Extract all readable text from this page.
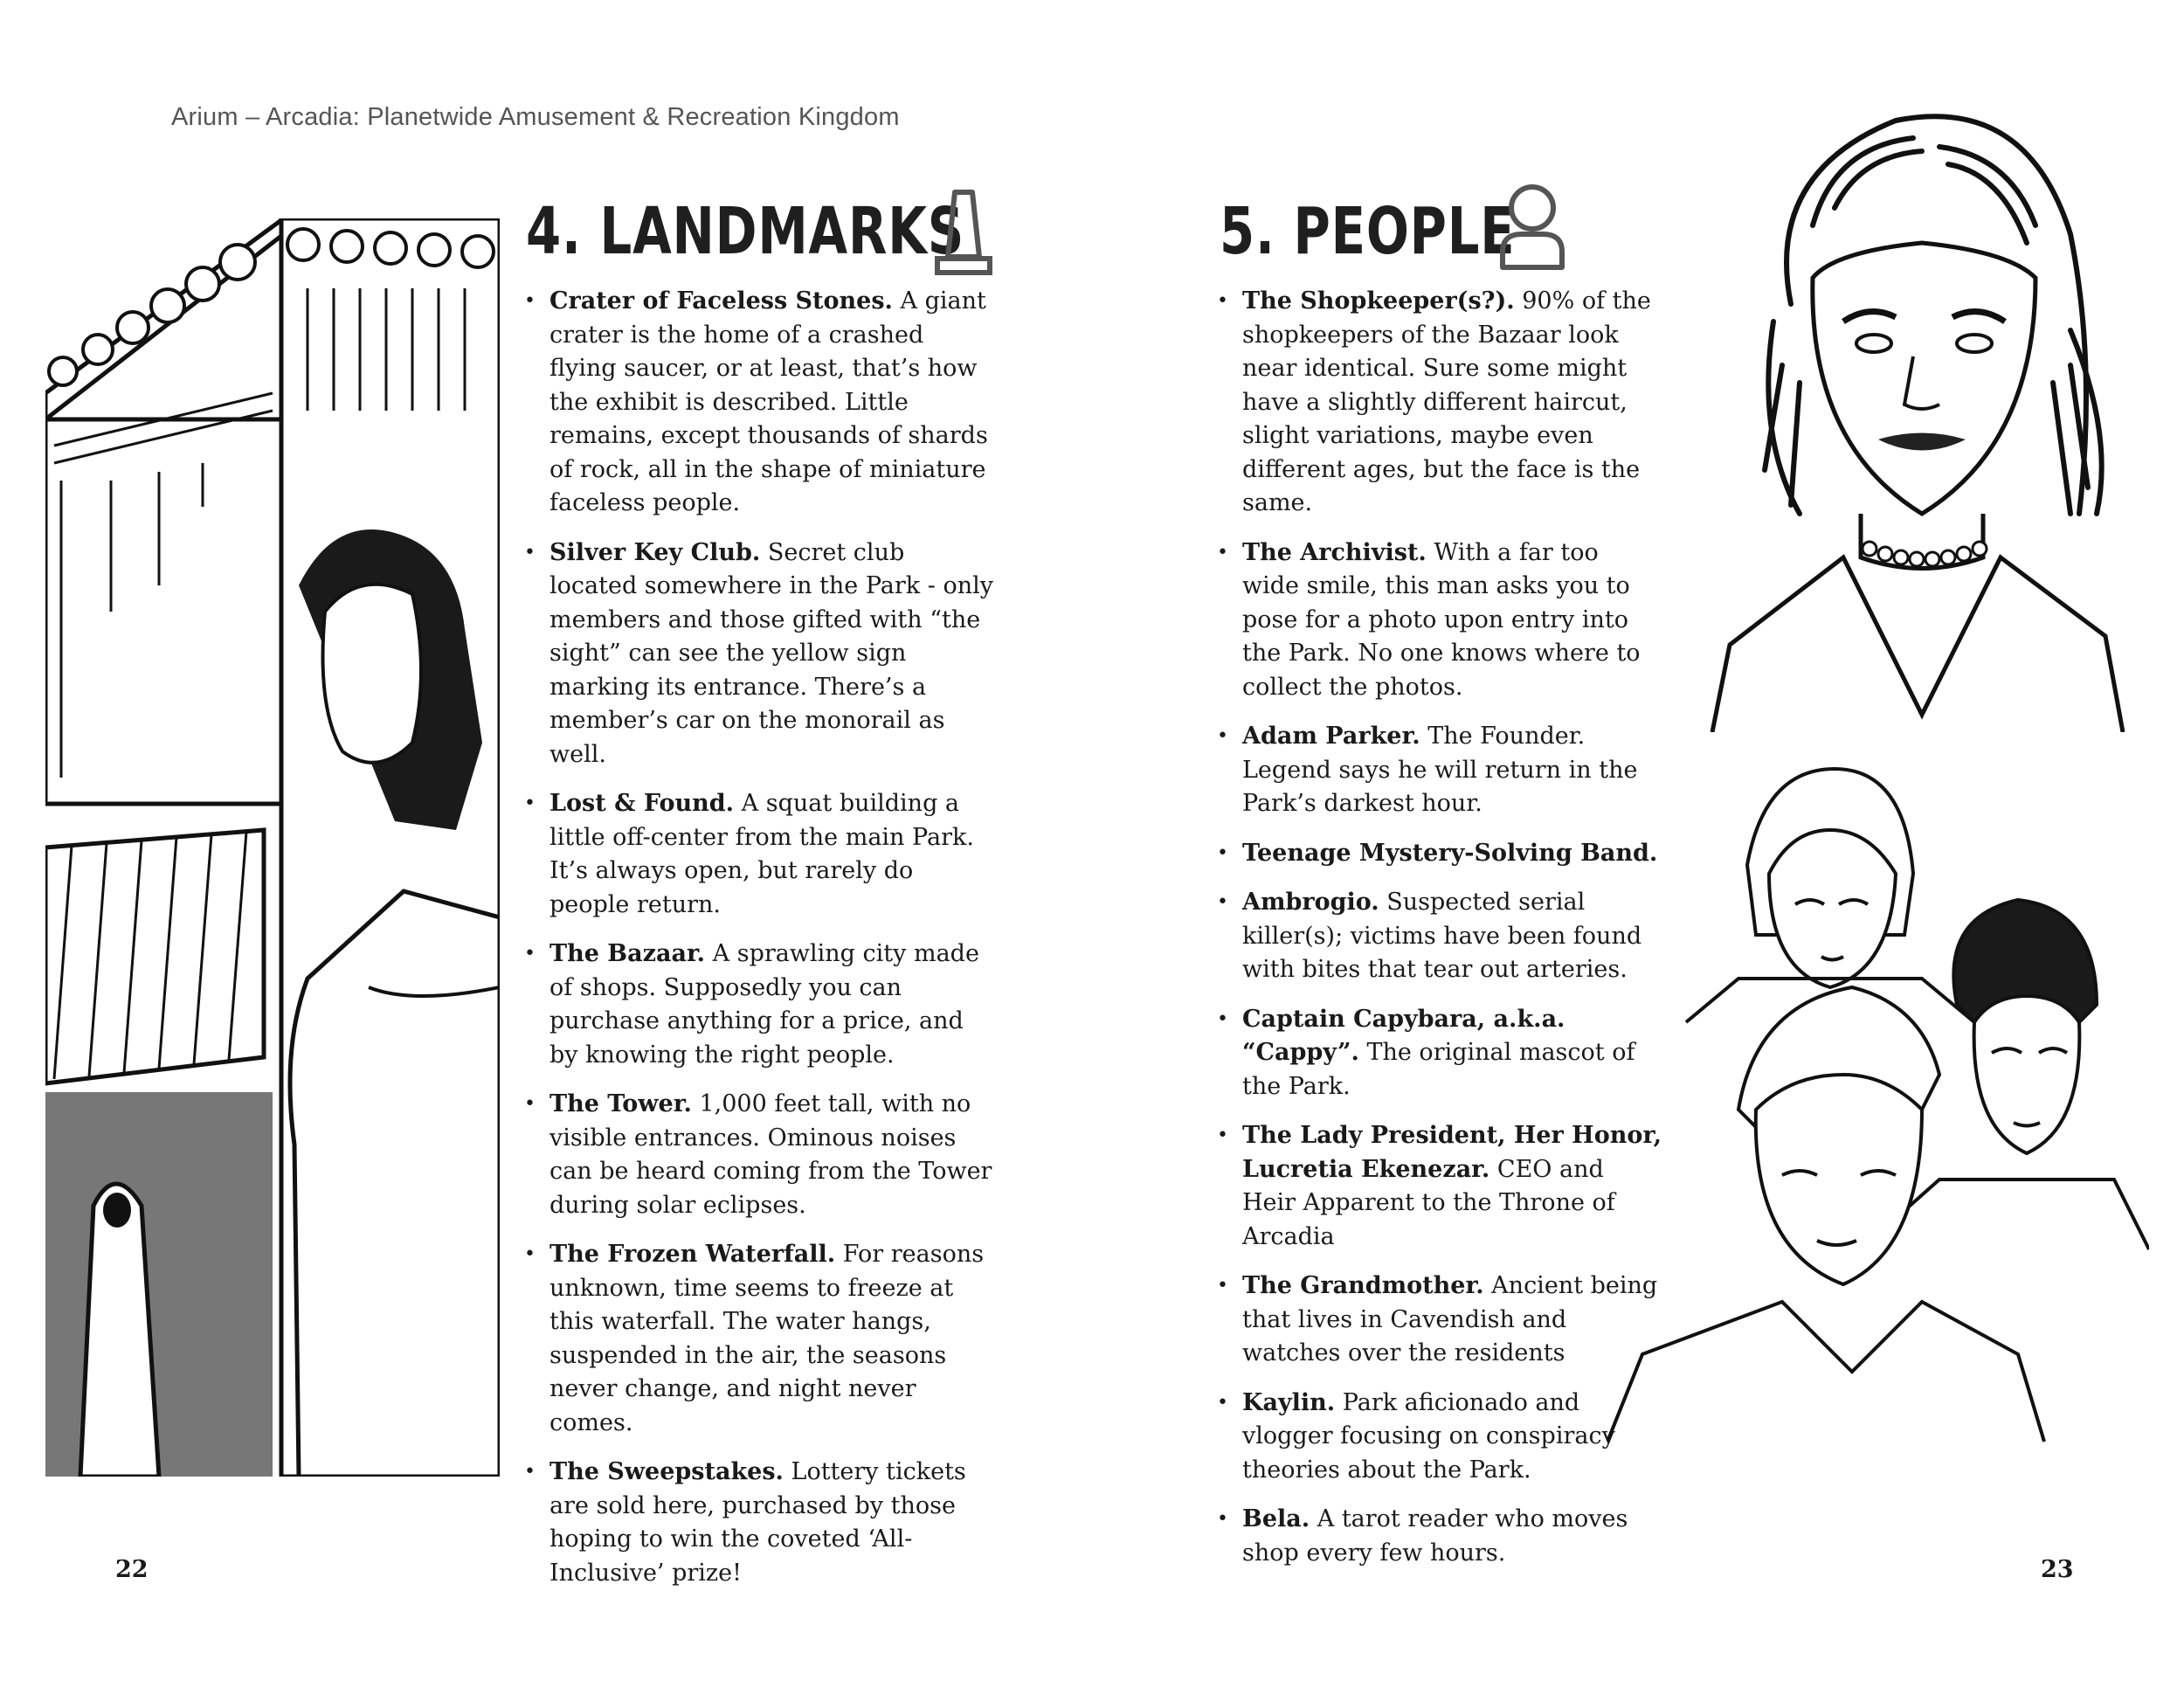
Arium – Arcadia: Planetwide Amusement & Recreation Kingdom
4. LANDMARKS
• Crater of Faceless Stones. A giant crater is the home of a crashed flying saucer, or at least, that’s how the exhibit is described. Little remains, except thousands of shards of rock, all in the shape of miniature faceless people.
• Silver Key Club. Secret club located somewhere in the Park - only members and those gifted with “the sight” can see the yellow sign marking its entrance. There’s a member’s car on the monorail as well.
• Lost & Found. A squat building a little off-center from the main Park. It’s always open, but rarely do people return.
• The Bazaar. A sprawling city made of shops. Supposedly you can purchase anything for a price, and by knowing the right people.
• The Tower. 1,000 feet tall, with no visible entrances. Ominous noises can be heard coming from the Tower during solar eclipses.
• The Frozen Waterfall. For reasons unknown, time seems to freeze at this waterfall. The water hangs, suspended in the air, the seasons never change, and night never comes.
• The Sweepstakes. Lottery tickets are sold here, purchased by those hoping to win the coveted ‘All-Inclusive’ prize!
22
5. PEOPLE
• The Shopkeeper(s?). 90% of the shopkeepers of the Bazaar look near identical. Sure some might have a slightly different haircut, slight variations, maybe even different ages, but the face is the same.
• The Archivist. With a far too wide smile, this man asks you to pose for a photo upon entry into the Park. No one knows where to collect the photos.
• Adam Parker. The Founder. Legend says he will return in the Park’s darkest hour.
• Teenage Mystery-Solving Band.
• Ambrogio. Suspected serial killer(s); victims have been found with bites that tear out arteries.
• Captain Capybara, a.k.a. “Cappy”. The original mascot of the Park.
• The Lady President, Her Honor, Lucretia Ekenezar. CEO and Heir Apparent to the Throne of Arcadia
• The Grandmother. Ancient being that lives in Cavendish and watches over the residents
• Kaylin. Park aficionado and vlogger focusing on conspiracy theories about the Park.
• Bela. A tarot reader who moves shop every few hours.
23
